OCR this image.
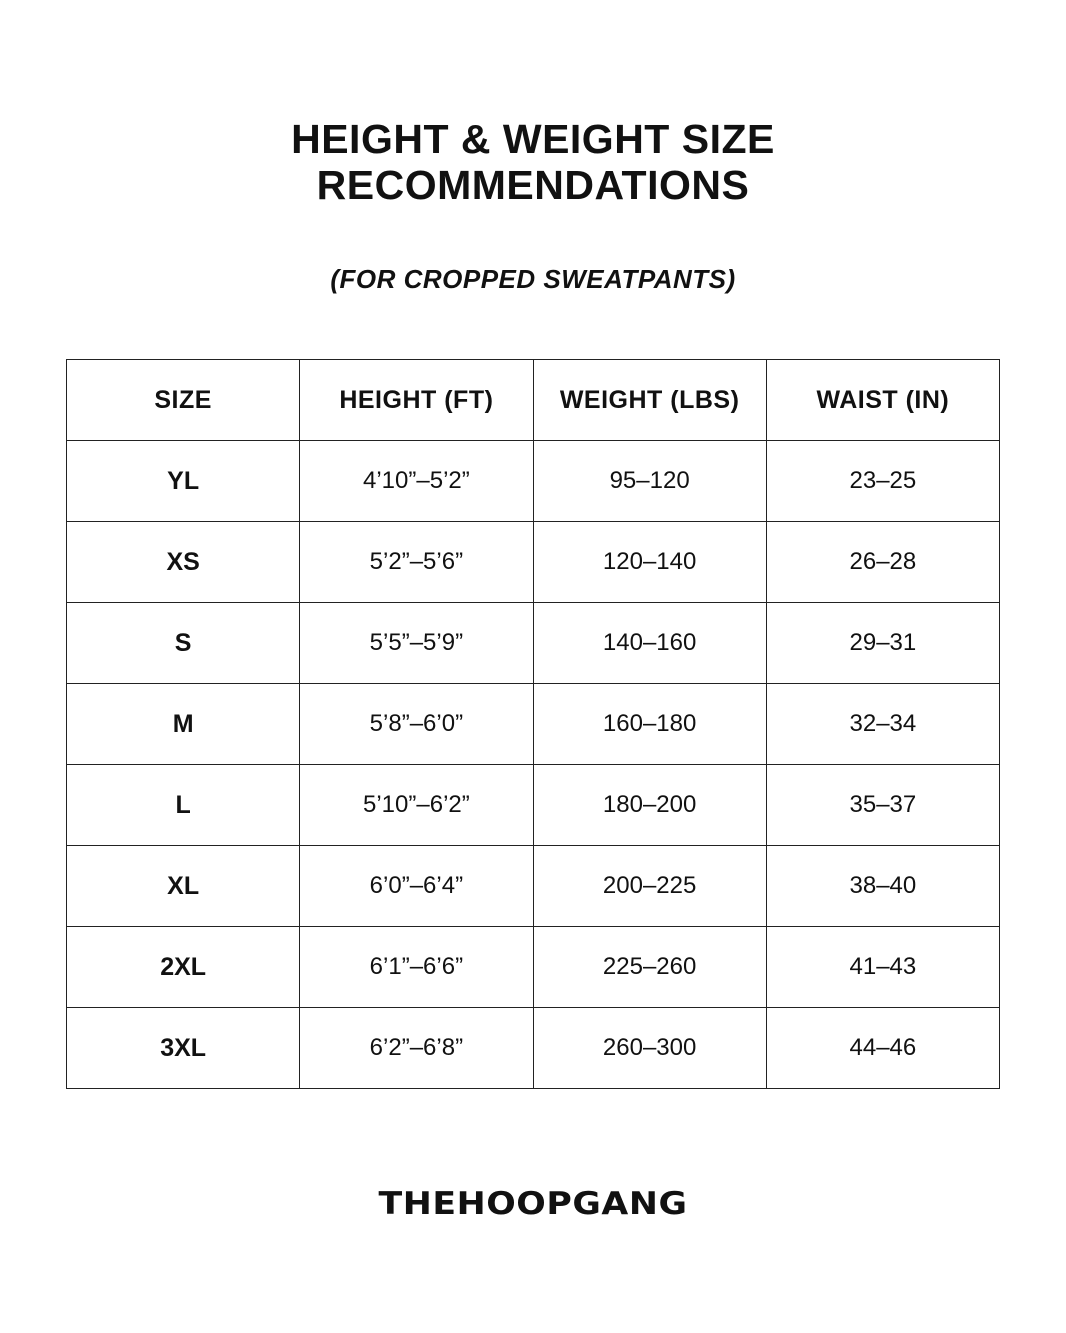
HEIGHT & WEIGHT SIZE
RECOMMENDATIONS
(FOR CROPPED SWEATPANTS)
SIZE	HEIGHT (FT)	WEIGHT (LBS)	WAIST (IN)
YL	4’10”–5’2”	95–120	23–25
XS	5’2”–5’6”	120–140	26–28
S	5’5”–5’9”	140–160	29–31
M	5’8”–6’0”	160–180	32–34
L	5’10”–6’2”	180–200	35–37
XL	6’0”–6’4”	200–225	38–40
2XL	6’1”–6’6”	225–260	41–43
3XL	6’2”–6’8”	260–300	44–46
THEHOOPGANG
